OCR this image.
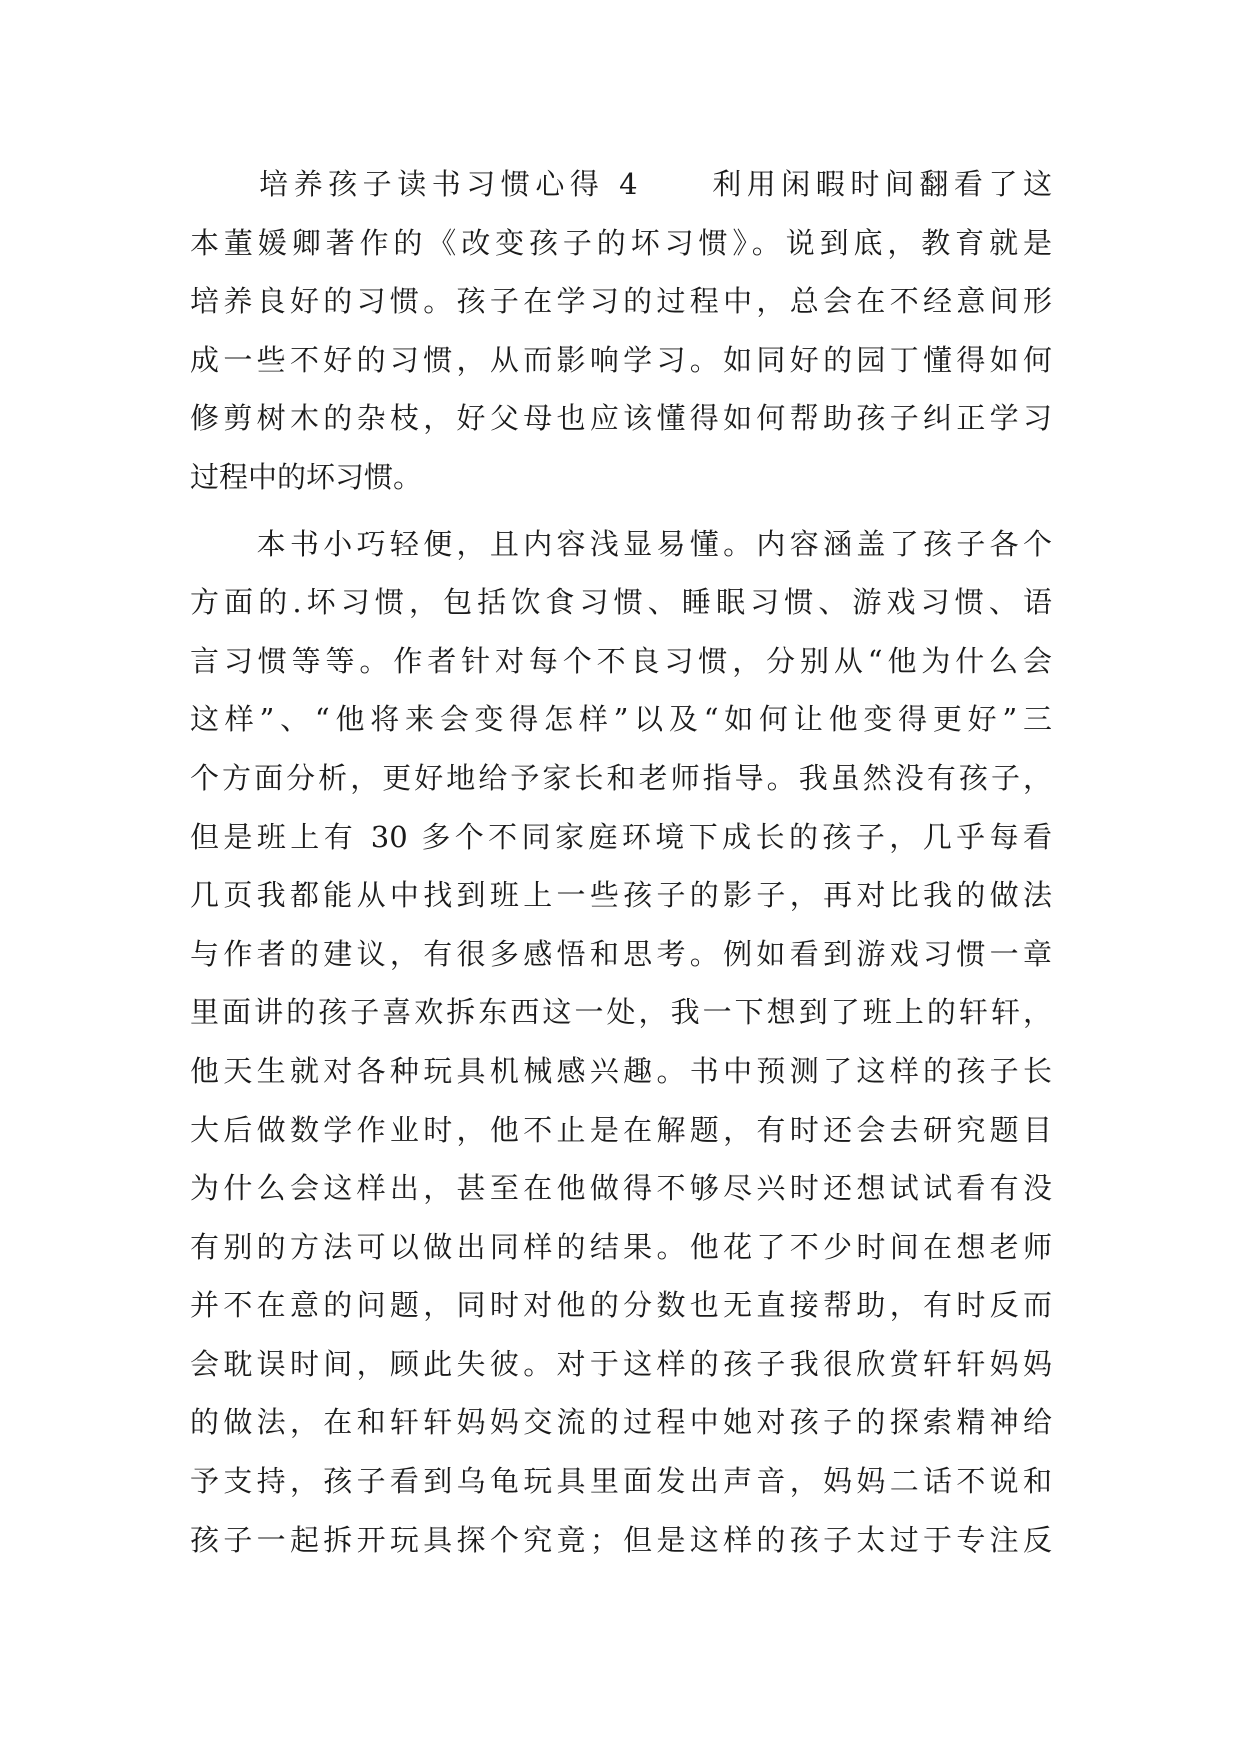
　　培养孩子读书习惯心得 4　　利用闲暇时间翻看了这
本董媛卿著作的《改变孩子的坏习惯》。说到底，教育就是
培养良好的习惯。孩子在学习的过程中，总会在不经意间形
成一些不好的习惯，从而影响学习。如同好的园丁懂得如何
修剪树木的杂枝，好父母也应该懂得如何帮助孩子纠正学习
过程中的坏习惯。
　　本书小巧轻便，且内容浅显易懂。内容涵盖了孩子各个
方面的.坏习惯，包括饮食习惯、睡眠习惯、游戏习惯、语
言习惯等等。作者针对每个不良习惯，分别从“他为什么会
这样”、“他将来会变得怎样”以及“如何让他变得更好”三
个方面分析，更好地给予家长和老师指导。我虽然没有孩子，
但是班上有 30 多个不同家庭环境下成长的孩子，几乎每看
几页我都能从中找到班上一些孩子的影子，再对比我的做法
与作者的建议，有很多感悟和思考。例如看到游戏习惯一章
里面讲的孩子喜欢拆东西这一处，我一下想到了班上的轩轩，
他天生就对各种玩具机械感兴趣。书中预测了这样的孩子长
大后做数学作业时，他不止是在解题，有时还会去研究题目
为什么会这样出，甚至在他做得不够尽兴时还想试试看有没
有别的方法可以做出同样的结果。他花了不少时间在想老师
并不在意的问题，同时对他的分数也无直接帮助，有时反而
会耽误时间，顾此失彼。对于这样的孩子我很欣赏轩轩妈妈
的做法，在和轩轩妈妈交流的过程中她对孩子的探索精神给
予支持，孩子看到乌龟玩具里面发出声音，妈妈二话不说和
孩子一起拆开玩具探个究竟；但是这样的孩子太过于专注反
